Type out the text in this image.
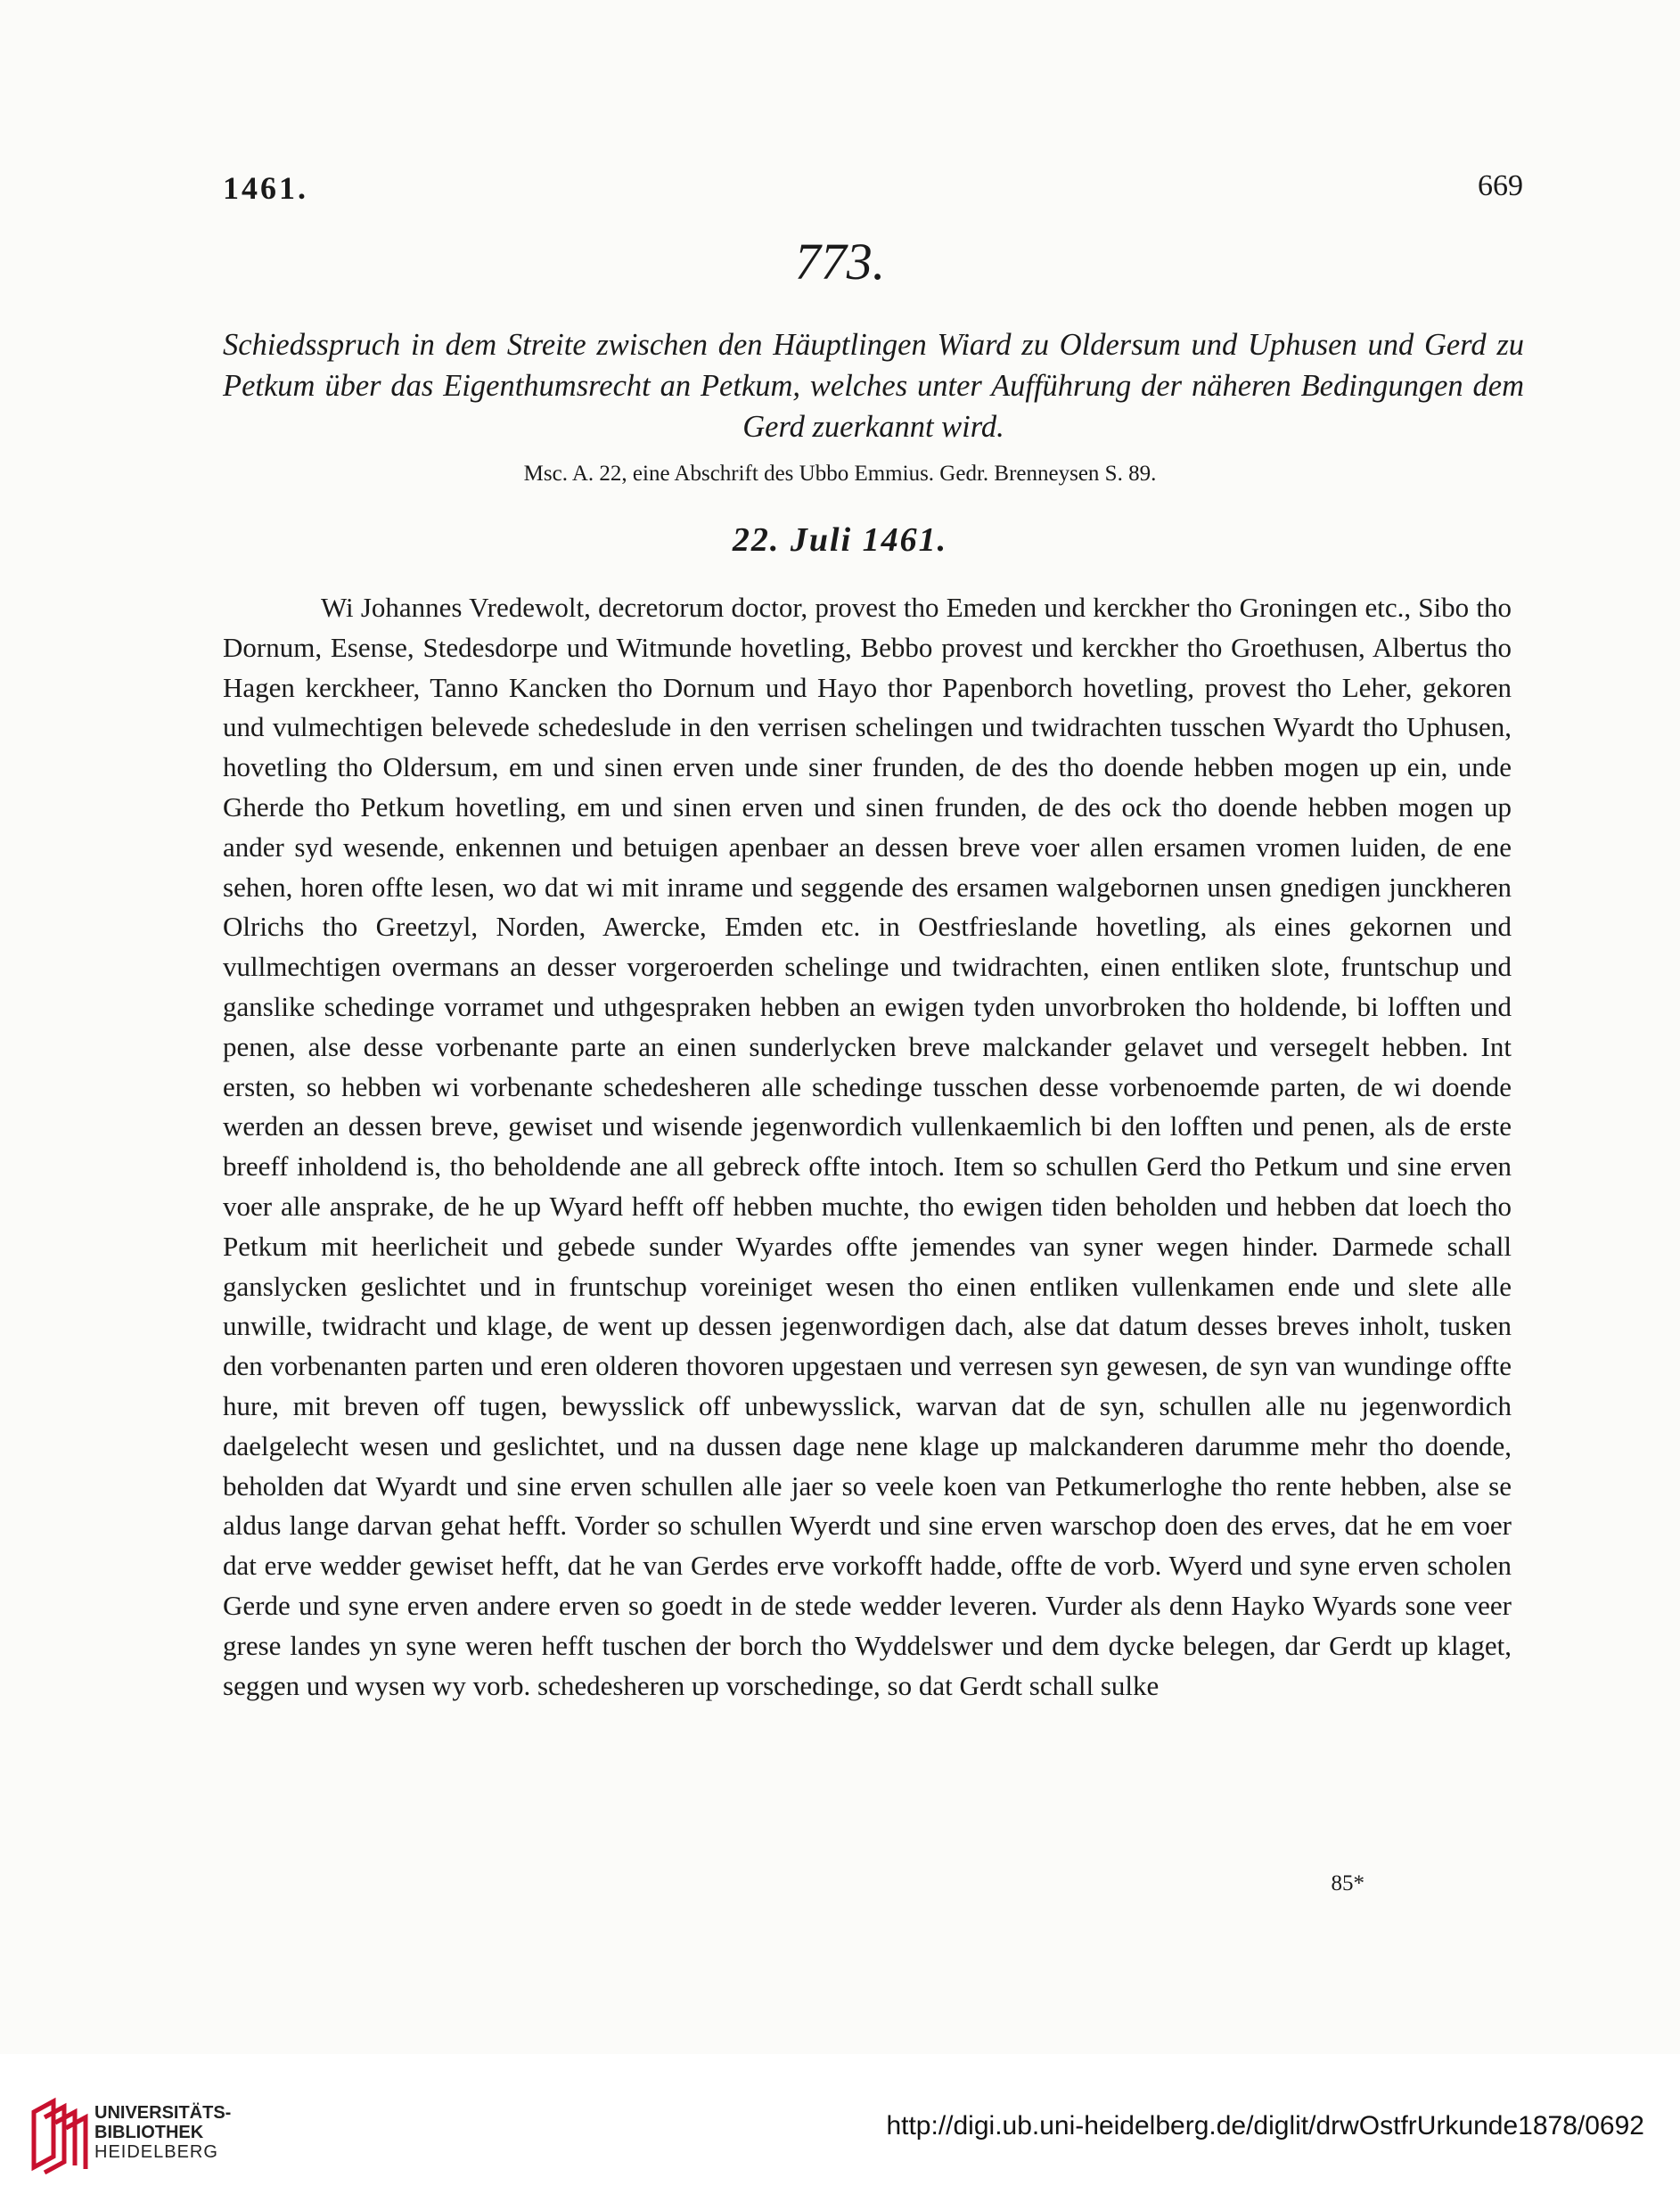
1461.	669
773.

Schiedsspruch in dem Streite zwischen den Häuptlingen Wiard zu Oldersum und Uphusen und Gerd zu Petkum über das Eigenthumsrecht an Petkum, welches unter Aufführung der näheren Bedingungen dem Gerd zuerkannt wird.

Msc. A. 22, eine Abschrift des Ubbo Emmius. Gedr. Brenneysen S. 89.
22. Juli 1461.

Wi Johannes Vredewolt, decretorum doctor, provest tho Emeden und kerckher tho Groningen etc., Sibo tho Dornum, Esense, Stedesdorpe und Witmunde hovetling, Bebbo provest und kerckher tho Groethusen, Albertus tho Hagen kerckheer, Tanno Kancken tho Dornum und Hayo thor Papenborch hovetling, provest tho Leher, gekoren und vulmechtigen belevede schedeslude in den verrisen schelingen und twidrachten tusschen Wyardt tho Uphusen, hovetling tho Oldersum, em und sinen erven unde siner frunden, de des tho doende hebben mogen up ein, unde Gherde tho Petkum hovetling, em und sinen erven und sinen frunden, de des ock tho doende hebben mogen up ander syd wesende, enkennen und betuigen apenbaer an dessen breve voer allen ersamen vromen luiden, de ene sehen, horen offte lesen, wo dat wi mit inrame und seggende des ersamen walgebornen unsen gnedigen junckheren Olrichs tho Greetzyl, Norden, Awercke, Emden etc. in Oestfrieslande hovetling, als eines gekornen und vullmechtigen overmans an desser vorgeroerden schelinge und twidrachten, einen entliken slote, fruntschup und ganslike schedinge vorramet und uthgespraken hebben an ewigen tyden unvorbroken tho holdende, bi lofften und penen, alse desse vorbenante parte an einen sunderlycken breve malckander gelavet und versegelt hebben. Int ersten, so hebben wi vorbenante schedesheren alle schedinge tusschen desse vorbenoemde parten, de wi doende werden an dessen breve, gewiset und wisende jegenwordich vullenkaemlich bi den lofften und penen, als de erste breeff inholdend is, tho beholdende ane all gebreck offte intoch. Item so schullen Gerd tho Petkum und sine erven voer alle ansprake, de he up Wyard hefft off hebben muchte, tho ewigen tiden beholden und hebben dat loech tho Petkum mit heerlicheit und gebede sunder Wyardes offte jemendes van syner wegen hinder. Darmede schall ganslycken geslichtet und in fruntschup voreiniget wesen tho einen entliken vullenkamen ende und slete alle unwille, twidracht und klage, de went up dessen jegenwordigen dach, alse dat datum desses breves inholt, tusken den vorbenanten parten und eren olderen thovoren upgestaen und verresen syn gewesen, de syn van wundinge offte hure, mit breven off tugen, bewysslick off unbewysslick, warvan dat de syn, schullen alle nu jegenwordich daelgelecht wesen und geslichtet, und na dussen dage nene klage up malckanderen darumme mehr tho doende, beholden dat Wyardt und sine erven schullen alle jaer so veele koen van Petkumerloghe tho rente hebben, alse se aldus lange darvan gehat hefft. Vorder so schullen Wyerdt und sine erven warschop doen des erves, dat he em voer dat erve wedder gewiset hefft, dat he van Gerdes erve vorkofft hadde, offte de vorb. Wyerd und syne erven scholen Gerde und syne erven andere erven so goedt in de stede wedder leveren. Vurder als denn Hayko Wyards sone veer grese landes yn syne weren hefft tuschen der borch tho Wyddelswer und dem dycke belegen, dar Gerdt up klaget, seggen und wysen wy vorb. schedesheren up vorschedinge, so dat Gerdt schall sulke

85*
UNIVERSITÄTS-
BIBLIOTHEK
HEIDELBERG
http://digi.ub.uni-heidelberg.de/diglit/drwOstfrUrkunde1878/0692
